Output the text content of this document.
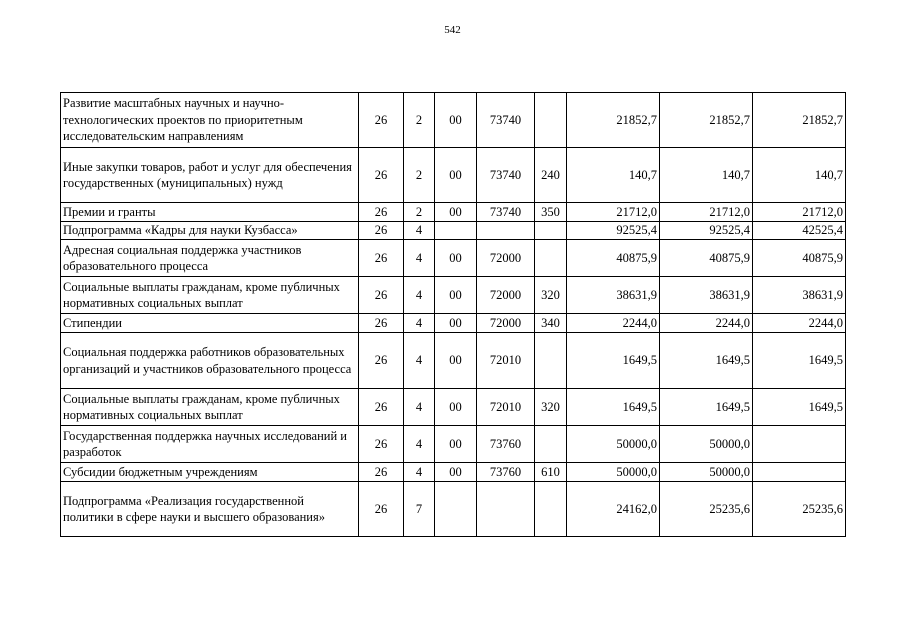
542
Развитие масштабных научных и научно-технологических проектов по приоритетным исследовательским направлениям	26	2	00	73740		21852,7	21852,7	21852,7
Иные закупки товаров, работ и услуг для обеспечения государственных (муниципальных) нужд	26	2	00	73740	240	140,7	140,7	140,7
Премии и гранты	26	2	00	73740	350	21712,0	21712,0	21712,0
Подпрограмма «Кадры для науки Кузбасса»	26	4				92525,4	92525,4	42525,4
Адресная социальная поддержка участников образовательного процесса	26	4	00	72000		40875,9	40875,9	40875,9
Социальные выплаты гражданам, кроме публичных нормативных социальных выплат	26	4	00	72000	320	38631,9	38631,9	38631,9
Стипендии	26	4	00	72000	340	2244,0	2244,0	2244,0
Социальная поддержка работников образовательных организаций и участников образовательного процесса	26	4	00	72010		1649,5	1649,5	1649,5
Социальные выплаты гражданам, кроме публичных нормативных социальных выплат	26	4	00	72010	320	1649,5	1649,5	1649,5
Государственная поддержка научных исследований и разработок	26	4	00	73760		50000,0	50000,0	
Субсидии бюджетным учреждениям	26	4	00	73760	610	50000,0	50000,0	
Подпрограмма «Реализация государственной политики в сфере науки и высшего образования»	26	7				24162,0	25235,6	25235,6
